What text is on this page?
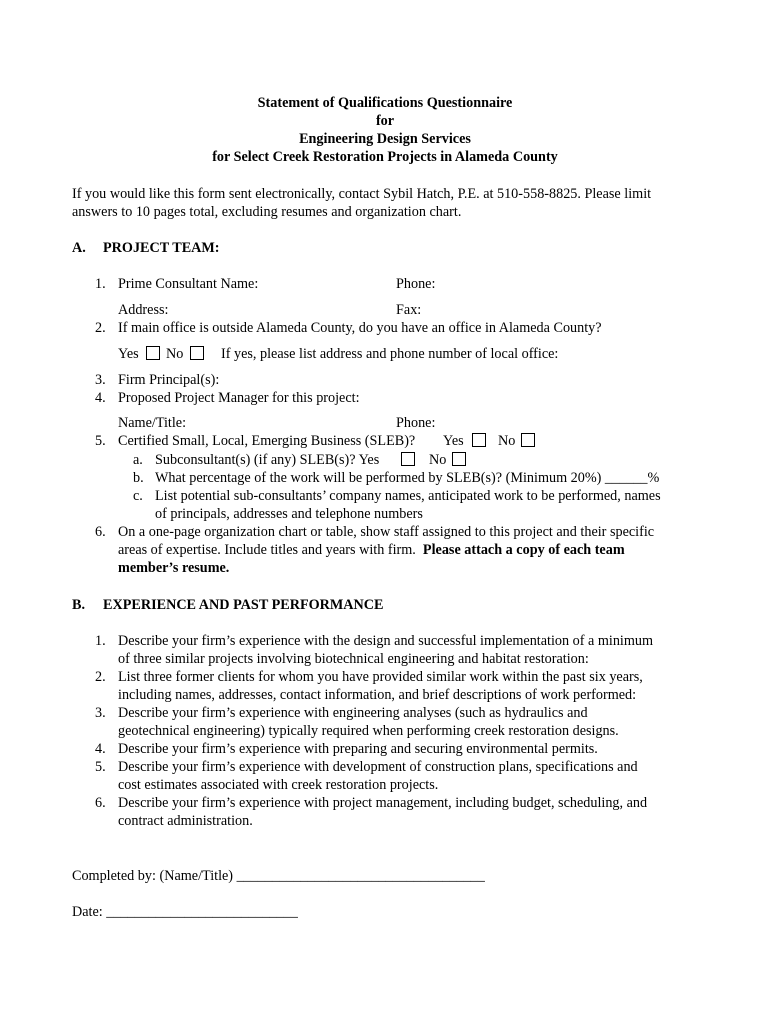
Statement of Qualifications Questionnaire
for
Engineering Design Services
for Select Creek Restoration Projects in Alameda County
If you would like this form sent electronically, contact Sybil Hatch, P.E. at 510-558-8825. Please limit
answers to 10 pages total, excluding resumes and organization chart.
A. PROJECT TEAM:
1. Prime Consultant Name:	Phone:
Address:	Fax:
2. If main office is outside Alameda County, do you have an office in Alameda County?
Yes No	If yes, please list address and phone number of local office:
3. Firm Principal(s):
4. Proposed Project Manager for this project:
Name/Title:	Phone:
5. Certified Small, Local, Emerging Business (SLEB)? Yes No
a. Subconsultant(s) (if any) SLEB(s)? Yes	No
b. What percentage of the work will be performed by SLEB(s)? (Minimum 20%) ______%
c. List potential sub-consultants’ company names, anticipated work to be performed, names
of principals, addresses and telephone numbers
6. On a one-page organization chart or table, show staff assigned to this project and their specific
areas of expertise. Include titles and years with firm. Please attach a copy of each team
member’s resume.
B. EXPERIENCE AND PAST PERFORMANCE
1. Describe your firm’s experience with the design and successful implementation of a minimum
of three similar projects involving biotechnical engineering and habitat restoration:
2. List three former clients for whom you have provided similar work within the past six years,
including names, addresses, contact information, and brief descriptions of work performed:
3. Describe your firm’s experience with engineering analyses (such as hydraulics and
geotechnical engineering) typically required when performing creek restoration designs.
4. Describe your firm’s experience with preparing and securing environmental permits.
5. Describe your firm’s experience with development of construction plans, specifications and
cost estimates associated with creek restoration projects.
6. Describe your firm’s experience with project management, including budget, scheduling, and
contract administration.
Completed by: (Name/Title) ___________________________________
Date: ___________________________
